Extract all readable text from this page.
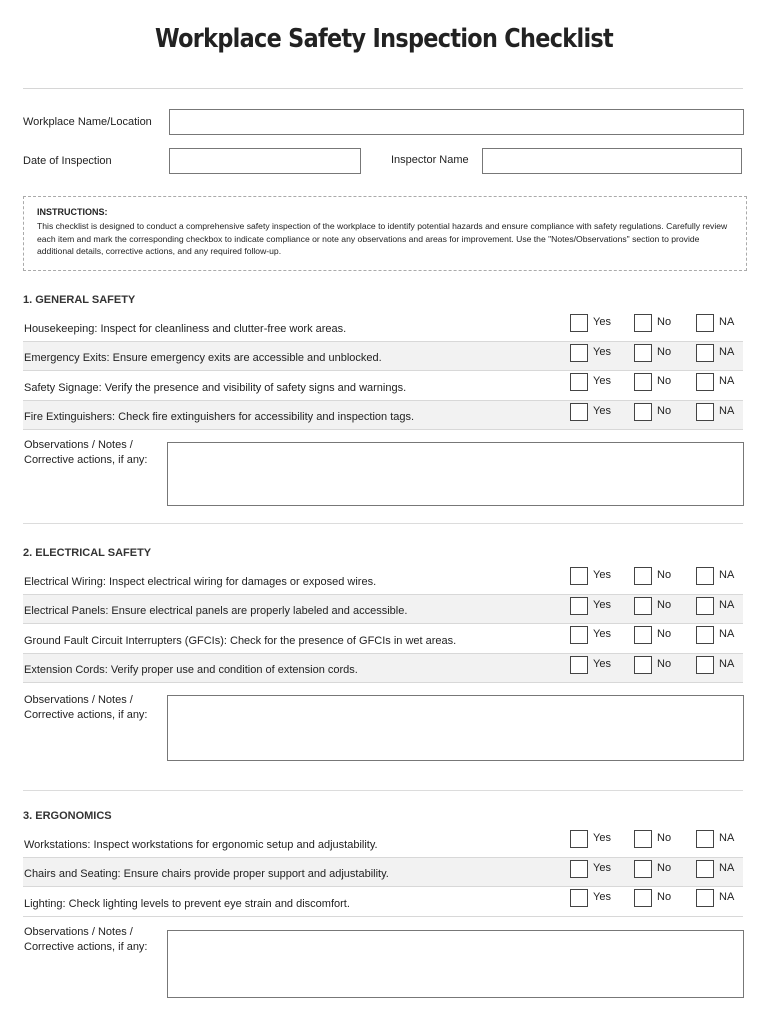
Workplace Safety Inspection Checklist
Workplace Name/Location
Date of Inspection	Inspector Name
INSTRUCTIONS:
This checklist is designed to conduct a comprehensive safety inspection of the workplace to identify potential hazards and ensure compliance with safety regulations. Carefully review each item and mark the corresponding checkbox to indicate compliance or note any observations and areas for improvement. Use the "Notes/Observations" section to provide additional details, corrective actions, and any required follow-up.
1. GENERAL SAFETY
Housekeeping: Inspect for cleanliness and clutter-free work areas.
Yes	No	NA
Emergency Exits: Ensure emergency exits are accessible and unblocked.
Yes	No	NA
Safety Signage: Verify the presence and visibility of safety signs and warnings.
Yes	No	NA
Fire Extinguishers: Check fire extinguishers for accessibility and inspection tags.
Yes	No	NA
Observations / Notes /
Corrective actions, if any:
2. ELECTRICAL SAFETY
Electrical Wiring: Inspect electrical wiring for damages or exposed wires.
Yes	No	NA
Electrical Panels: Ensure electrical panels are properly labeled and accessible.
Yes	No	NA
Ground Fault Circuit Interrupters (GFCIs): Check for the presence of GFCIs in wet areas.
Yes	No	NA
Extension Cords: Verify proper use and condition of extension cords.
Yes	No	NA
Observations / Notes /
Corrective actions, if any:
3. ERGONOMICS
Workstations: Inspect workstations for ergonomic setup and adjustability.
Yes	No	NA
Chairs and Seating: Ensure chairs provide proper support and adjustability.
Yes	No	NA
Lighting: Check lighting levels to prevent eye strain and discomfort.
Yes	No	NA
Observations / Notes /
Corrective actions, if any:
